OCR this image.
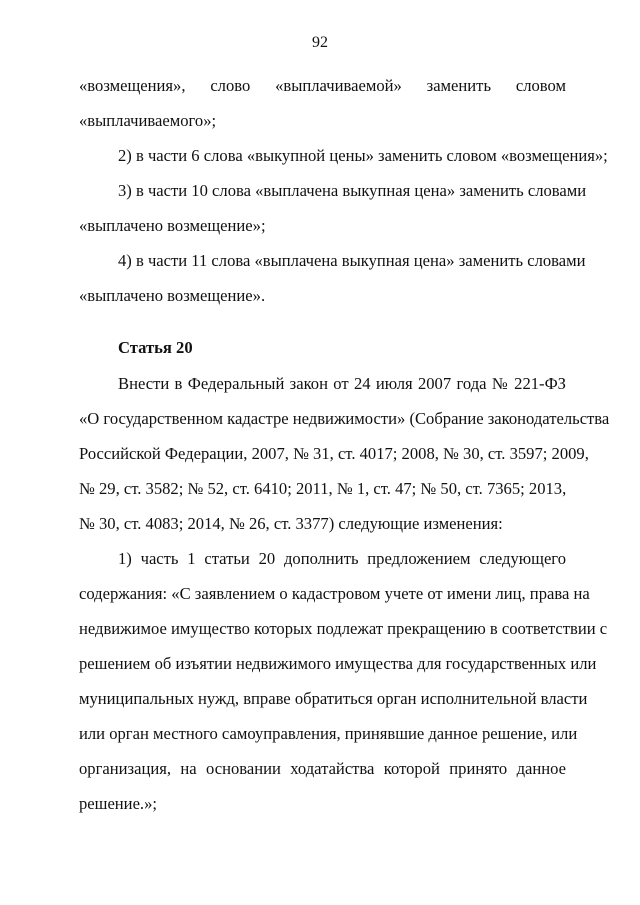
92
«возмещения», слово «выплачиваемой» заменить словом
«выплачиваемого»;
2) в части 6 слова «выкупной цены» заменить словом «возмещения»;
3) в части 10 слова «выплачена выкупная цена» заменить словами
«выплачено возмещение»;
4) в части 11 слова «выплачена выкупная цена» заменить словами
«выплачено возмещение».
Статья 20
Внести в Федеральный закон от 24 июля 2007 года № 221-ФЗ
«О государственном кадастре недвижимости» (Собрание законодательства
Российской Федерации, 2007, № 31, ст. 4017; 2008, № 30, ст. 3597; 2009,
№ 29, ст. 3582; № 52, ст. 6410; 2011, № 1, ст. 47; № 50, ст. 7365; 2013,
№ 30, ст. 4083; 2014, № 26, ст. 3377) следующие изменения:
1) часть 1 статьи 20 дополнить предложением следующего
содержания: «С заявлением о кадастровом учете от имени лиц, права на
недвижимое имущество которых подлежат прекращению в соответствии с
решением об изъятии недвижимого имущества для государственных или
муниципальных нужд, вправе обратиться орган исполнительной власти
или орган местного самоуправления, принявшие данное решение, или
организация, на основании ходатайства которой принято данное
решение.»;
